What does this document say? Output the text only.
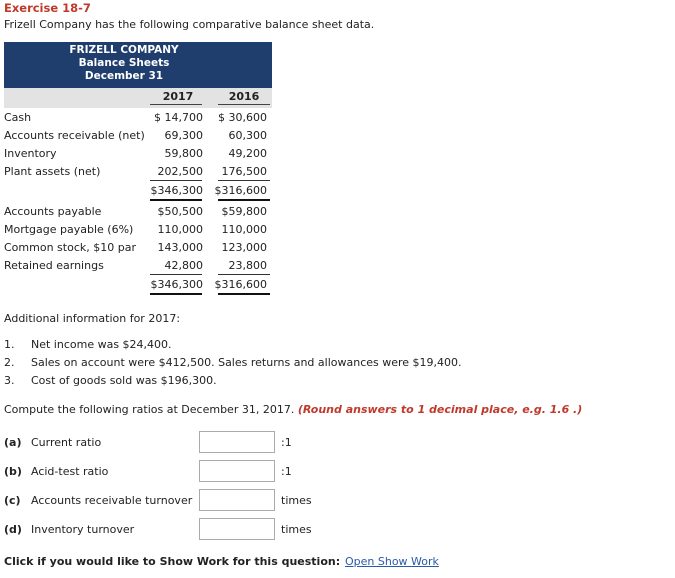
Exercise 18-7
Frizell Company has the following comparative balance sheet data.
FRIZELL COMPANY
Balance Sheets
December 31
2017	2016
Cash	$ 14,700 $ 30,600
Accounts receivable (net) 69,300 60,300
Inventory	59,800 49,200
Plant assets (net)	202,500 176,500
$346,300 $316,600
Accounts payable	$50,500 $59,800
Mortgage payable (6%) 110,000 110,000
Common stock, $10 par 143,000 123,000
Retained earnings	42,800 23,800
$346,300 $316,600
Additional information for 2017:
1. Net income was $24,400.
2. Sales on account were $412,500. Sales returns and allowances were $19,400.
3. Cost of goods sold was $196,300.
Compute the following ratios at December 31, 2017. (Round answers to 1 decimal place, e.g. 1.6 .)
(a) Current ratio	:1
(b) Acid-test ratio	:1
(c) Accounts receivable turnover	times
(d) Inventory turnover	times
Click if you would like to Show Work for this question: Open Show Work
